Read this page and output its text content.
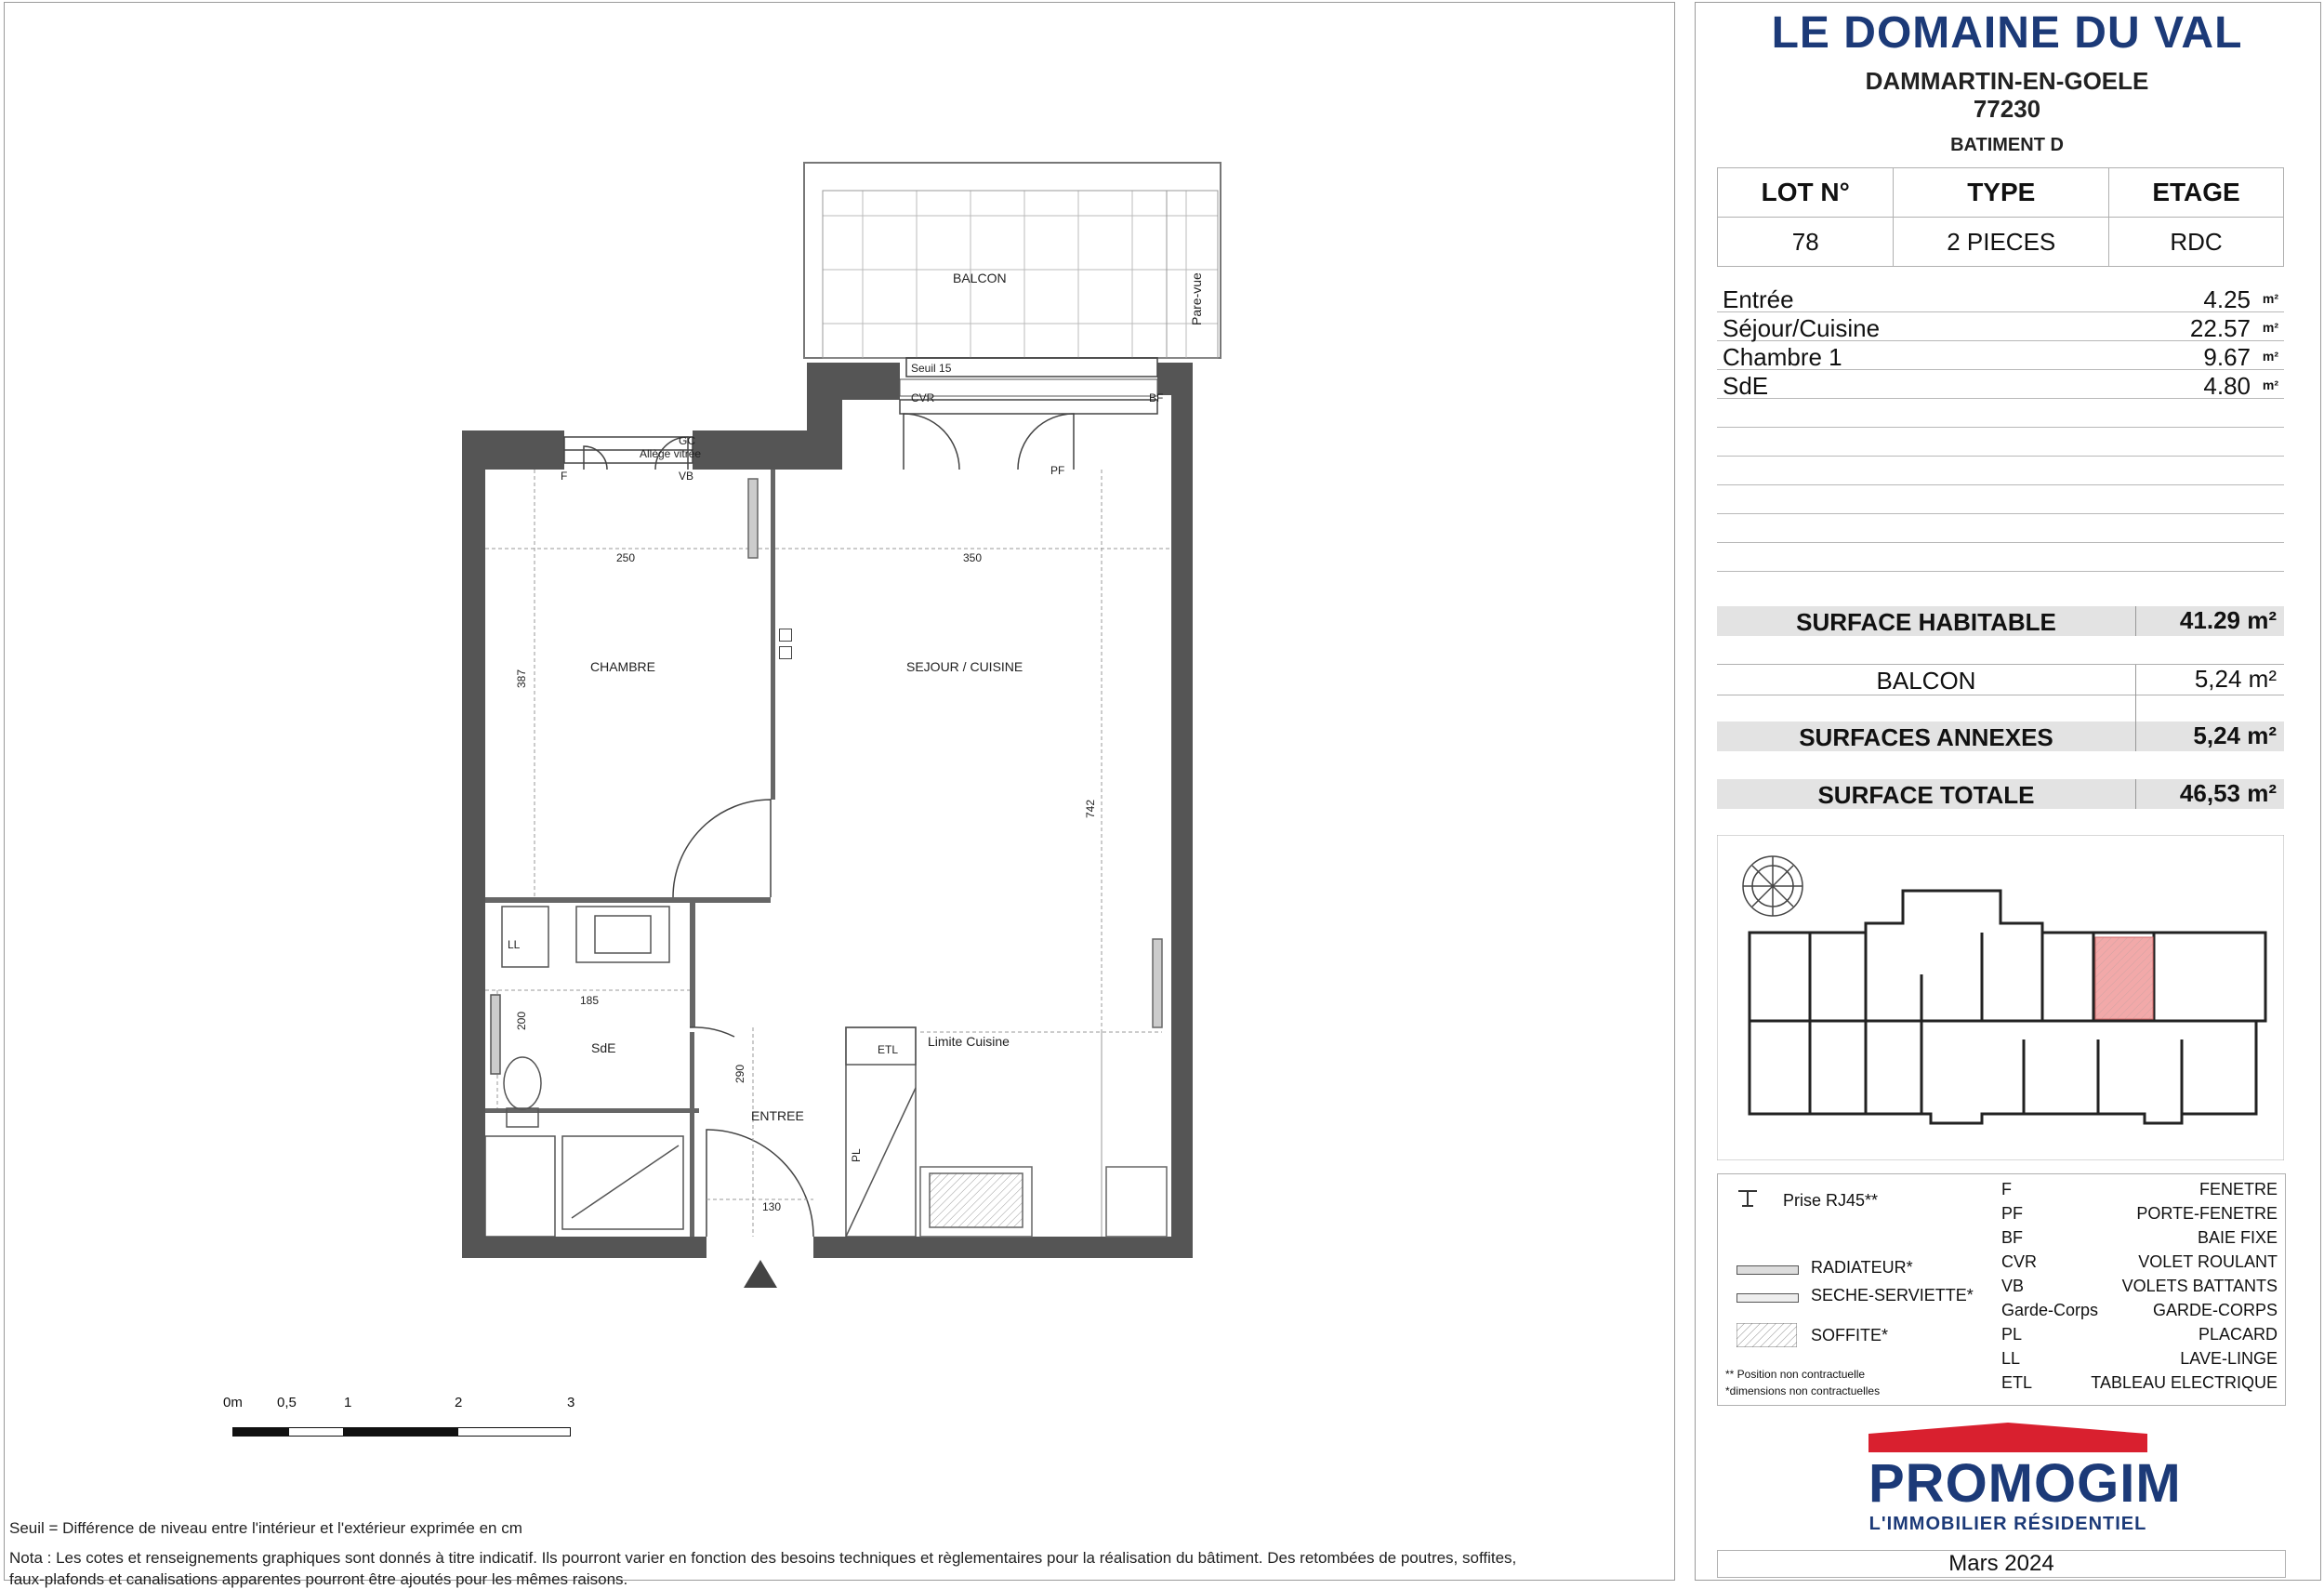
BALCON	Pare-vue
Seuil 15
CVR	BF
PF
GC
Allège vitrée
F	VB
CHAMBRE	SEJOUR / CUISINE
SdE
ENTREE
LL
ETL
PL
Limite Cuisine
250	350
387
742
185
200
290
130
0m 0,5	1	2	3
Seuil = Différence de niveau entre l'intérieur et l'extérieur exprimée en cm
Nota : Les cotes et renseignements graphiques sont donnés à titre indicatif. Ils pourront varier en fonction des besoins techniques et règlementaires pour la réalisation du bâtiment. Des retombées de poutres, soffites,
faux-plafonds et canalisations apparentes pourront être ajoutés pour les mêmes raisons.
LE DOMAINE DU VAL
DAMMARTIN-EN-GOELE
77230
BATIMENT D
LOT N°	TYPE	ETAGE
78	2 PIECES	RDC
Entrée	4.25 m²
Séjour/Cuisine	22.57 m²
Chambre 1	9.67 m²
SdE	4.80 m²
SURFACE HABITABLE	41.29 m²
BALCON	5,24 m²
SURFACES ANNEXES	5,24 m²
SURFACE TOTALE	46,53 m²
Prise RJ45**
RADIATEUR*
SECHE-SERVIETTE*
SOFFITE*
** Position non contractuelle
*dimensions non contractuelles
F	FENETRE
PF	PORTE-FENETRE
BF	BAIE FIXE
CVR	VOLET ROULANT
VB	VOLETS BATTANTS
Garde-Corps	GARDE-CORPS
PL	PLACARD
LL	LAVE-LINGE
ETL	TABLEAU ELECTRIQUE
PROMOGIM
L'IMMOBILIER RÉSIDENTIEL
Mars 2024
